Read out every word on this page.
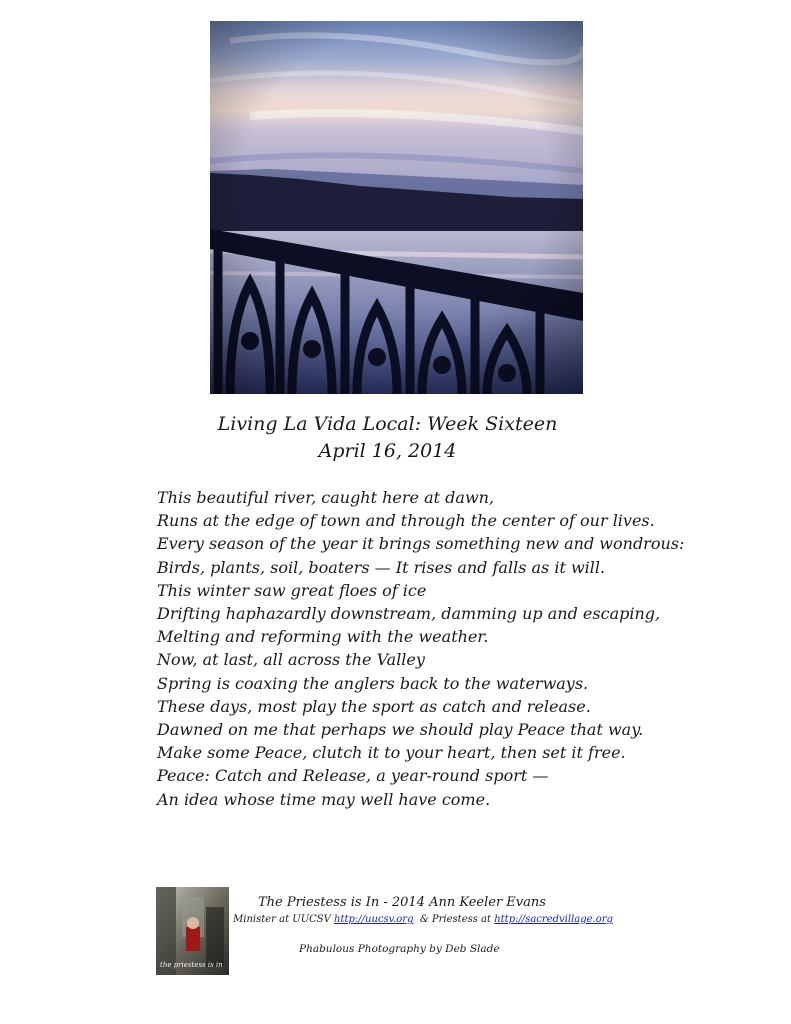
Living La Vida Local: Week Sixteen
April 16, 2014
This beautiful river, caught here at dawn,
Runs at the edge of town and through the center of our lives.
Every season of the year it brings something new and wondrous:
Birds, plants, soil, boaters — It rises and falls as it will.
This winter saw great floes of ice
Drifting haphazardly downstream, damming up and escaping,
Melting and reforming with the weather.
Now, at last, all across the Valley
Spring is coaxing the anglers back to the waterways.
These days, most play the sport as catch and release.
Dawned on me that perhaps we should play Peace that way.
Make some Peace, clutch it to your heart, then set it free.
Peace: Catch and Release, a year-round sport —
An idea whose time may well have come.
the priestess is in
The Priestess is In - 2014 Ann Keeler Evans
Minister at UUCSV http://uucsv.org  & Priestess at http://sacredvillage.org
Phabulous Photography by Deb Slade
